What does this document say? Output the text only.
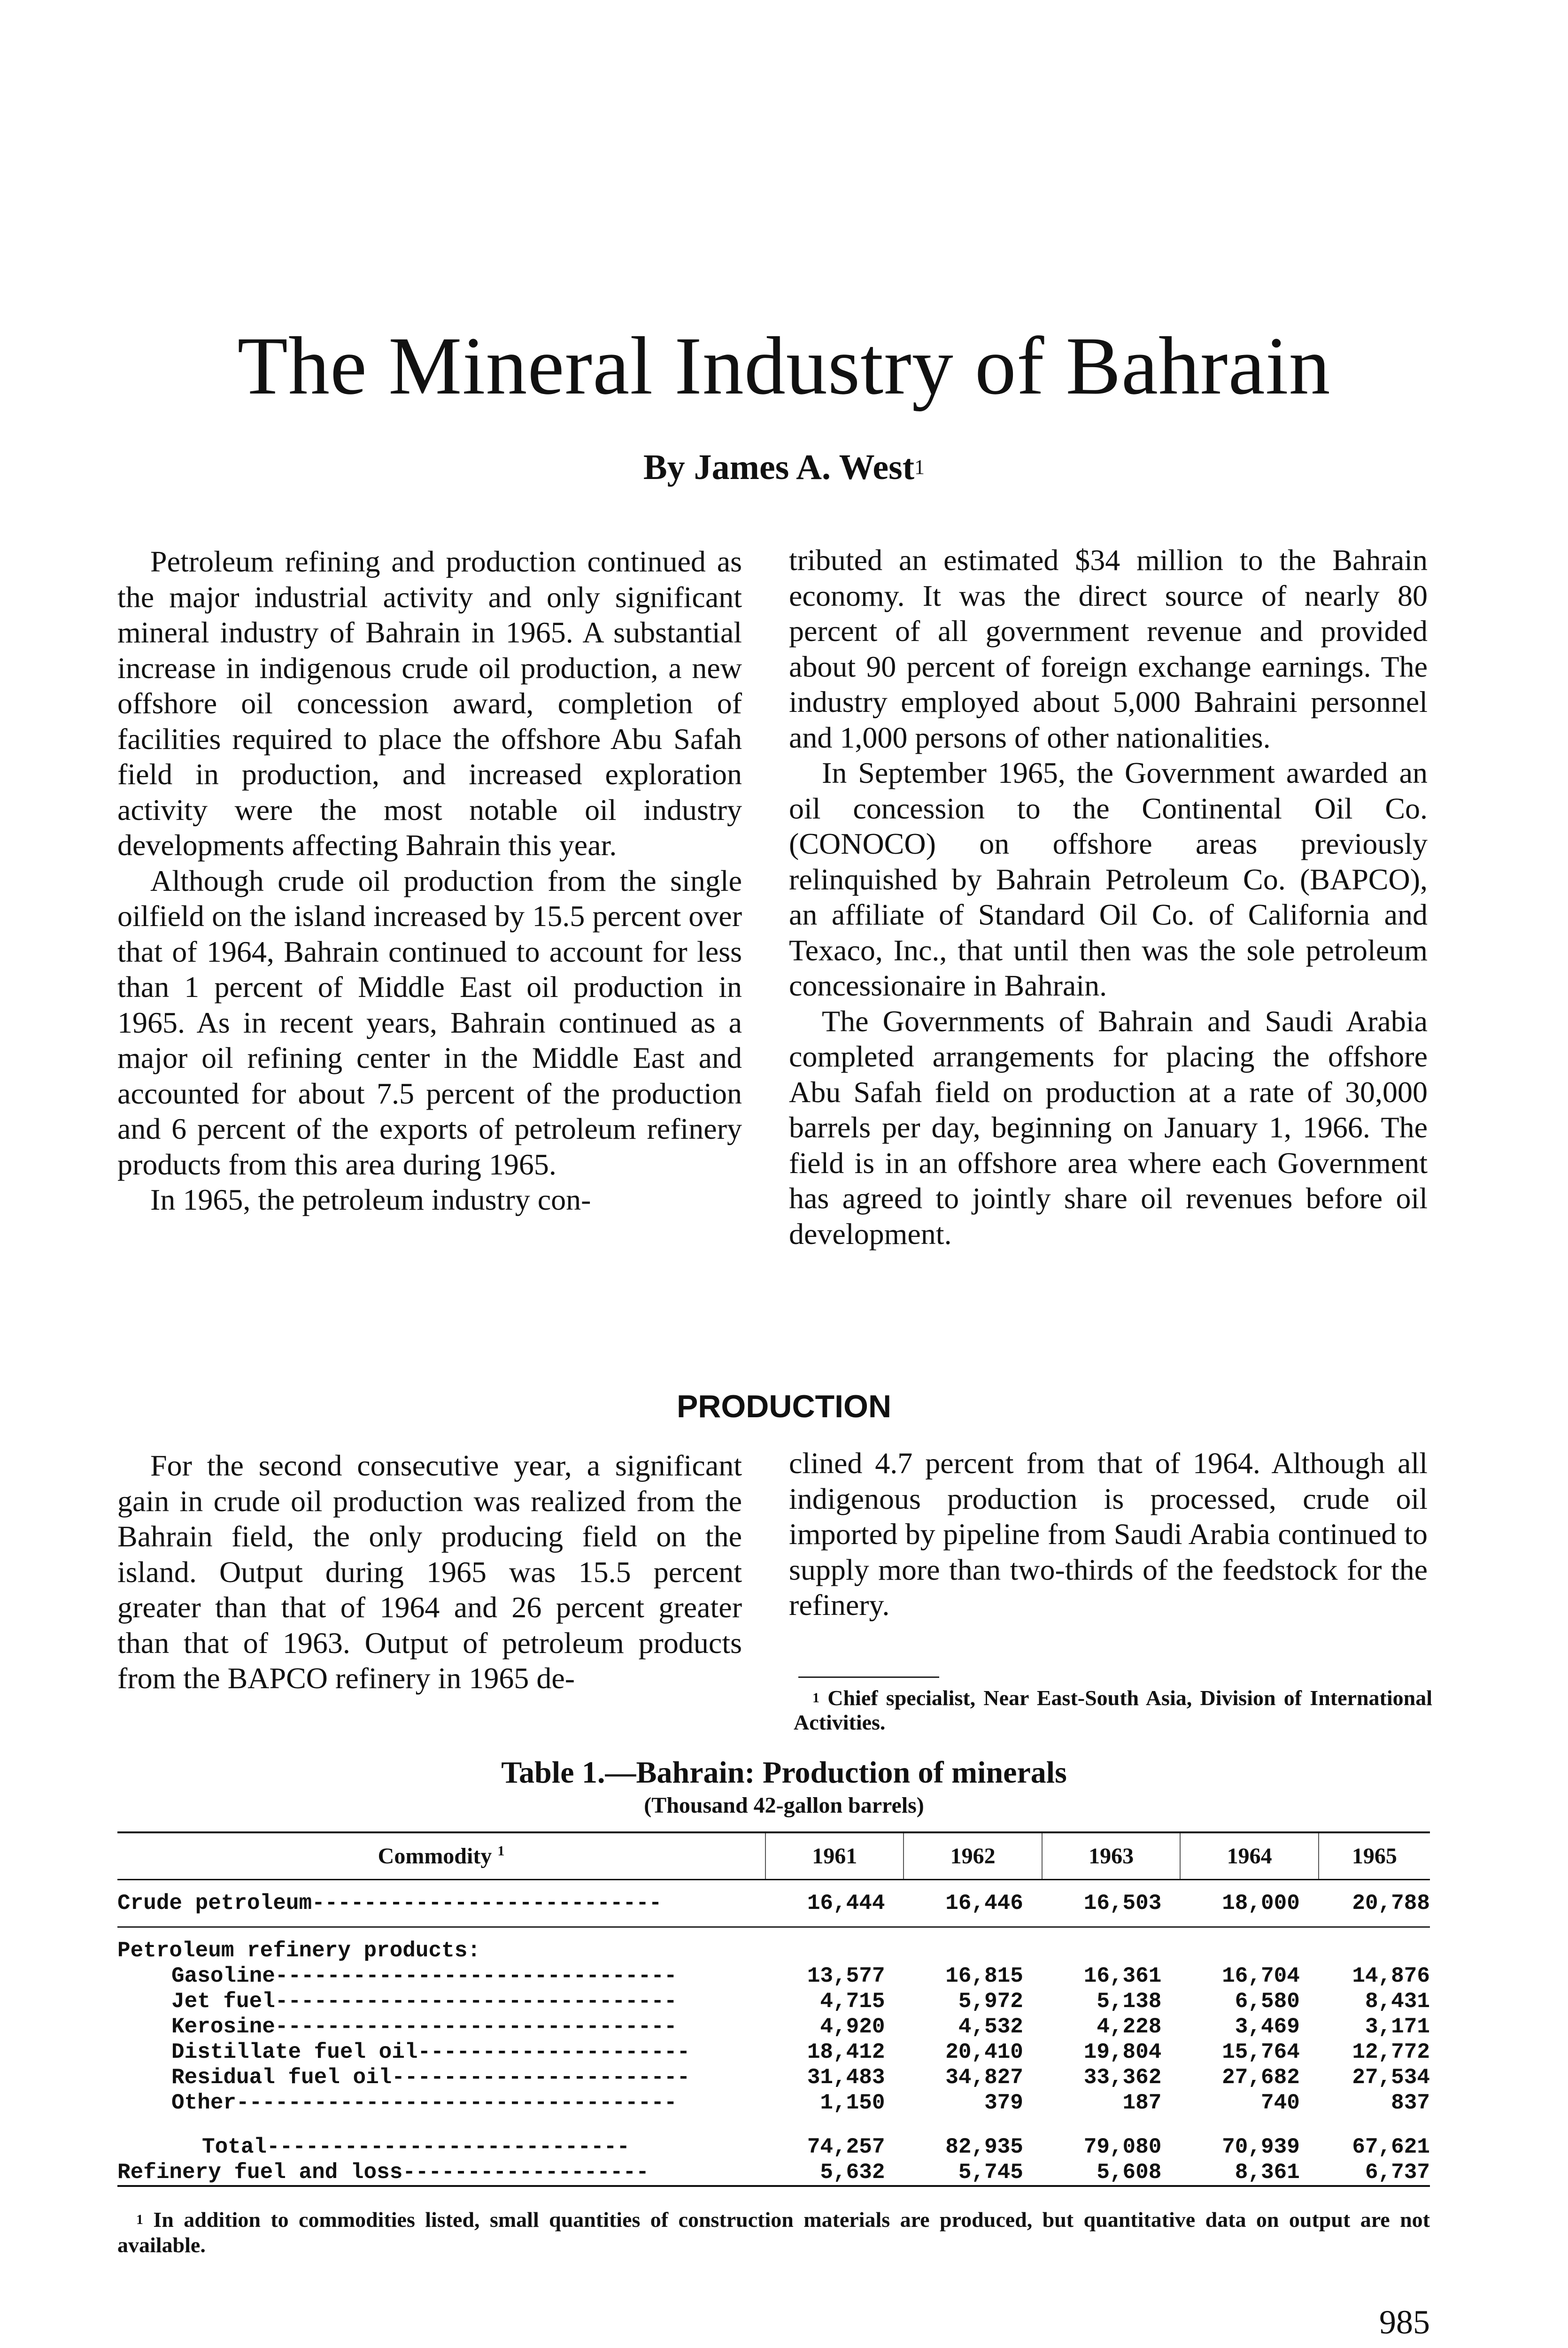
The Mineral Industry of Bahrain

By James A. West$^1$

Petroleum refining and production continued as the major industrial activity and only significant mineral industry of Bahrain in 1965. A substantial increase in indigenous crude oil production, a new offshore oil concession award, completion of facilities required to place the offshore Abu Safah field in production, and increased exploration activity were the most notable oil industry developments affecting Bahrain this year.

Although crude oil production from the single oilfield on the island increased by 15.5 percent over that of 1964, Bahrain continued to account for less than 1 percent of Middle East oil production in 1965. As in recent years, Bahrain continued as a major oil refining center in the Middle East and accounted for about 7.5 percent of the production and 6 percent of the exports of petroleum refinery products from this area during 1965.

In 1965, the petroleum industry con-

tributed an estimated $34 million to the Bahrain economy. It was the direct source of nearly 80 percent of all government revenue and provided about 90 percent of foreign exchange earnings. The industry employed about 5,000 Bahraini personnel and 1,000 persons of other nationalities.

In September 1965, the Government awarded an oil concession to the Continental Oil Co. (CONOCO) on offshore areas previously relinquished by Bahrain Petroleum Co. (BAPCO), an affiliate of Standard Oil Co. of California and Texaco, Inc., that until then was the sole petroleum concessionaire in Bahrain.

The Governments of Bahrain and Saudi Arabia completed arrangements for placing the offshore Abu Safah field on production at a rate of 30,000 barrels per day, beginning on January 1, 1966. The field is in an offshore area where each Government has agreed to jointly share oil revenues before oil development.

PRODUCTION

For the second consecutive year, a significant gain in crude oil production was realized from the Bahrain field, the only producing field on the island. Output during 1965 was 15.5 percent greater than that of 1964 and 26 percent greater than that of 1963. Output of petroleum products from the BAPCO refinery in 1965 de-

clined 4.7 percent from that of 1964. Although all indigenous production is processed, crude oil imported by pipeline from Saudi Arabia continued to supply more than two-thirds of the feedstock for the refinery.

$^1$ Chief specialist, Near East-South Asia, Division of International Activities.

Table 1.—Bahrain: Production of minerals

(Thousand 42-gallon barrels)

Commodity $^1$	1961	1962	1963	1964	1965
Crude petroleum---------------------------	16,444	16,446	16,503	18,000	20,788
Petroleum refinery products:					
Gasoline-------------------------------	13,577	16,815	16,361	16,704	14,876
Jet fuel-------------------------------	4,715	5,972	5,138	6,580	8,431
Kerosine-------------------------------	4,920	4,532	4,228	3,469	3,171
Distillate fuel oil---------------------	18,412	20,410	19,804	15,764	12,772
Residual fuel oil-----------------------	31,483	34,827	33,362	27,682	27,534
Other----------------------------------	1,150	379	187	740	837

Total----------------------------	74,257	82,935	79,080	70,939	67,621
Refinery fuel and loss-------------------	5,632	5,745	5,608	8,361	6,737

$^1$ In addition to commodities listed, small quantities of construction materials are produced, but quantitative data on output are not available.

985
